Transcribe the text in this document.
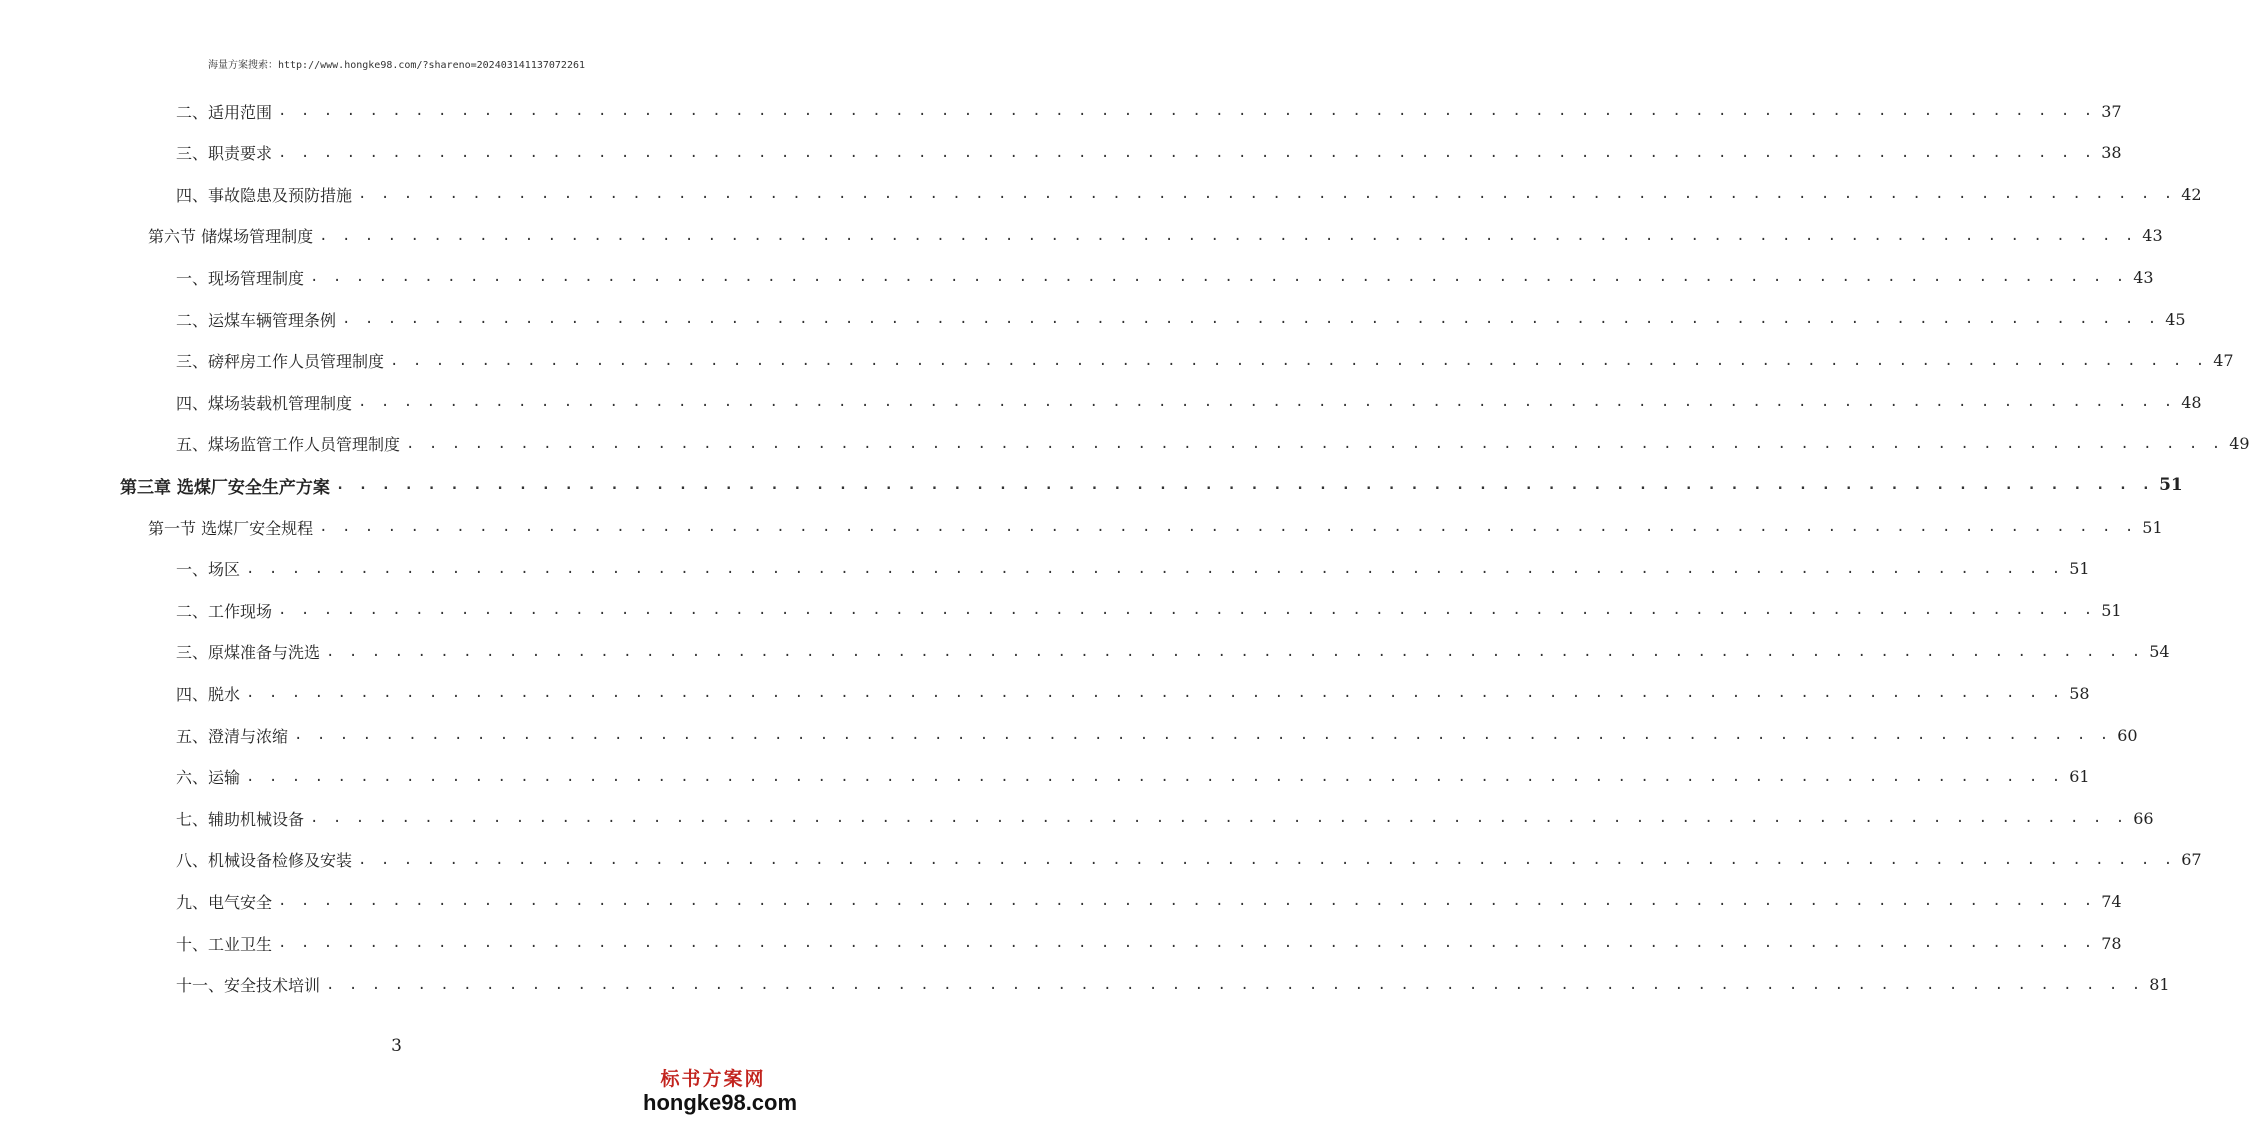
海量方案搜索：http://www.hongke98.com/?shareno=202403141137072261
二、适用范围 . . . . . . . . . . . . . . . . . . . . . . . . . . . . . . . . . . . . . . . . . . . . . . . . . . . . . . . . . . . . . . . . . . . . . . . . . . . . . . . . 37
三、职责要求 . . . . . . . . . . . . . . . . . . . . . . . . . . . . . . . . . . . . . . . . . . . . . . . . . . . . . . . . . . . . . . . . . . . . . . . . . . . . . . . . 38
四、事故隐患及预防措施 . . . . . . . . . . . . . . . . . . . . . . . . . . . . . . . . . . . . . . . . . . . . . . . . . . . . . . . . . . . . . . . . . . . . . . . . . . . . . . . . 42
第六节 储煤场管理制度 . . . . . . . . . . . . . . . . . . . . . . . . . . . . . . . . . . . . . . . . . . . . . . . . . . . . . . . . . . . . . . . . . . . . . . . . . . . . . . . . 43
一、现场管理制度 . . . . . . . . . . . . . . . . . . . . . . . . . . . . . . . . . . . . . . . . . . . . . . . . . . . . . . . . . . . . . . . . . . . . . . . . . . . . . . . . 43
二、运煤车辆管理条例 . . . . . . . . . . . . . . . . . . . . . . . . . . . . . . . . . . . . . . . . . . . . . . . . . . . . . . . . . . . . . . . . . . . . . . . . . . . . . . . . 45
三、磅秤房工作人员管理制度 . . . . . . . . . . . . . . . . . . . . . . . . . . . . . . . . . . . . . . . . . . . . . . . . . . . . . . . . . . . . . . . . . . . . . . . . . . . . . . . . 47
四、煤场装载机管理制度 . . . . . . . . . . . . . . . . . . . . . . . . . . . . . . . . . . . . . . . . . . . . . . . . . . . . . . . . . . . . . . . . . . . . . . . . . . . . . . . . 48
五、煤场监管工作人员管理制度 . . . . . . . . . . . . . . . . . . . . . . . . . . . . . . . . . . . . . . . . . . . . . . . . . . . . . . . . . . . . . . . . . . . . . . . . . . . . . . . . 49
第三章 选煤厂安全生产方案 . . . . . . . . . . . . . . . . . . . . . . . . . . . . . . . . . . . . . . . . . . . . . . . . . . . . . . . . . . . . . . . . . . . . . . . . . . . . . . . . 51
第一节 选煤厂安全规程 . . . . . . . . . . . . . . . . . . . . . . . . . . . . . . . . . . . . . . . . . . . . . . . . . . . . . . . . . . . . . . . . . . . . . . . . . . . . . . . . 51
一、场区 . . . . . . . . . . . . . . . . . . . . . . . . . . . . . . . . . . . . . . . . . . . . . . . . . . . . . . . . . . . . . . . . . . . . . . . . . . . . . . . . 51
二、工作现场 . . . . . . . . . . . . . . . . . . . . . . . . . . . . . . . . . . . . . . . . . . . . . . . . . . . . . . . . . . . . . . . . . . . . . . . . . . . . . . . . 51
三、原煤准备与洗选 . . . . . . . . . . . . . . . . . . . . . . . . . . . . . . . . . . . . . . . . . . . . . . . . . . . . . . . . . . . . . . . . . . . . . . . . . . . . . . . . 54
四、脱水 . . . . . . . . . . . . . . . . . . . . . . . . . . . . . . . . . . . . . . . . . . . . . . . . . . . . . . . . . . . . . . . . . . . . . . . . . . . . . . . . 58
五、澄清与浓缩 . . . . . . . . . . . . . . . . . . . . . . . . . . . . . . . . . . . . . . . . . . . . . . . . . . . . . . . . . . . . . . . . . . . . . . . . . . . . . . . . 60
六、运输 . . . . . . . . . . . . . . . . . . . . . . . . . . . . . . . . . . . . . . . . . . . . . . . . . . . . . . . . . . . . . . . . . . . . . . . . . . . . . . . . 61
七、辅助机械设备 . . . . . . . . . . . . . . . . . . . . . . . . . . . . . . . . . . . . . . . . . . . . . . . . . . . . . . . . . . . . . . . . . . . . . . . . . . . . . . . . 66
八、机械设备检修及安装 . . . . . . . . . . . . . . . . . . . . . . . . . . . . . . . . . . . . . . . . . . . . . . . . . . . . . . . . . . . . . . . . . . . . . . . . . . . . . . . . 67
九、电气安全 . . . . . . . . . . . . . . . . . . . . . . . . . . . . . . . . . . . . . . . . . . . . . . . . . . . . . . . . . . . . . . . . . . . . . . . . . . . . . . . . 74
十、工业卫生 . . . . . . . . . . . . . . . . . . . . . . . . . . . . . . . . . . . . . . . . . . . . . . . . . . . . . . . . . . . . . . . . . . . . . . . . . . . . . . . . 78
十一、安全技术培训 . . . . . . . . . . . . . . . . . . . . . . . . . . . . . . . . . . . . . . . . . . . . . . . . . . . . . . . . . . . . . . . . . . . . . . . . . . . . . . . . 81
3
标书方案网
hongke98.com
